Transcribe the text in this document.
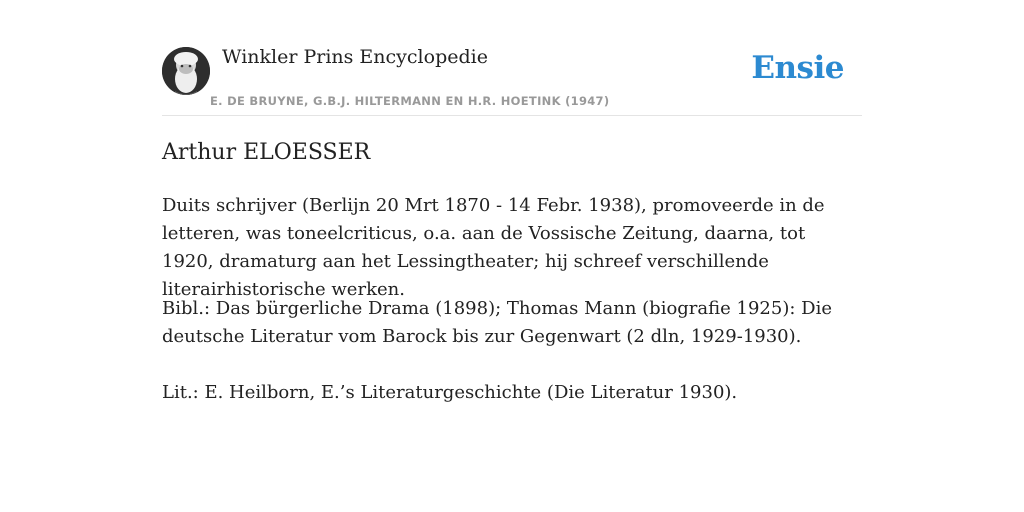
Winkler Prins Encyclopedie
E. DE BRUYNE, G.B.J. HILTERMANN EN H.R. HOETINK (1947)
Ensie
Arthur ELOESSER

Duits schrijver (Berlijn 20 Mrt 1870 - 14 Febr. 1938), promoveerde in de letteren, was toneelcriticus, o.a. aan de Vossische Zeitung, daarna, tot 1920, dramaturg aan het Lessingtheater; hij schreef verschillende literairhistorische werken.

Bibl.: Das bürgerliche Drama (1898); Thomas Mann (biografie 1925): Die deutsche Literatur vom Barock bis zur Gegenwart (2 dln, 1929-1930).

Lit.: E. Heilborn, E.’s Literaturgeschichte (Die Literatur 1930).
